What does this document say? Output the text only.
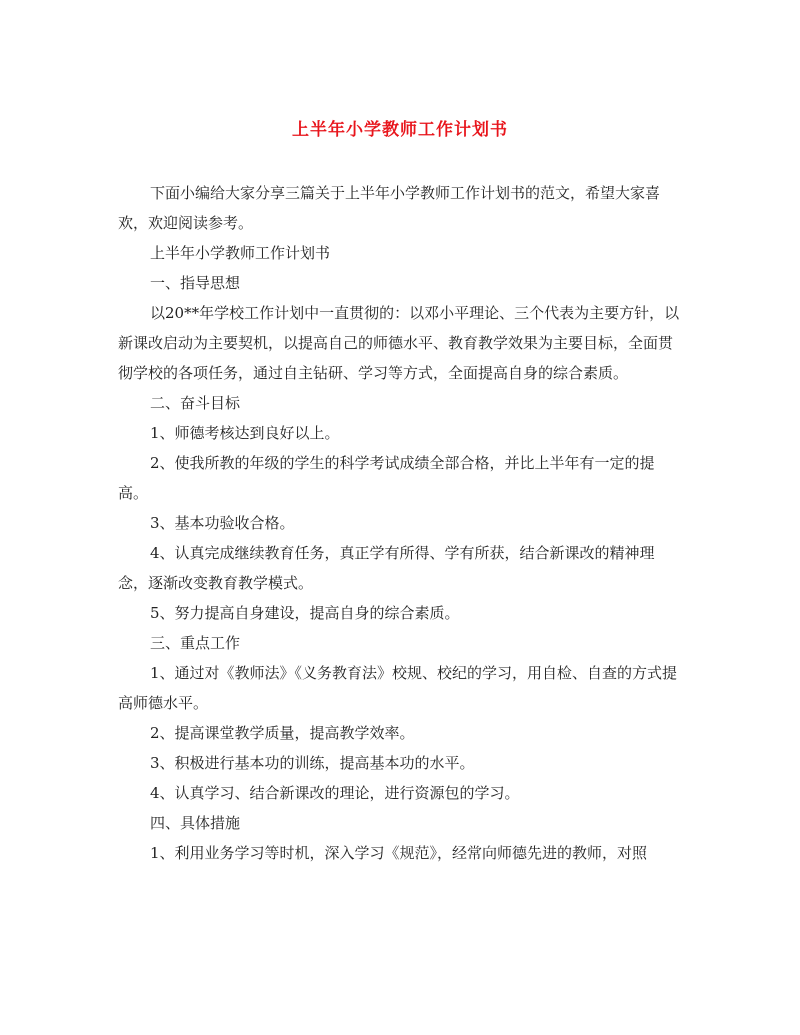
上半年小学教师工作计划书

下面小编给大家分享三篇关于上半年小学教师工作计划书的范文，希望大家喜欢，欢迎阅读参考。

上半年小学教师工作计划书

一、指导思想

以20**年学校工作计划中一直贯彻的：以邓小平理论、三个代表为主要方针，以新课改启动为主要契机，以提高自己的师德水平、教育教学效果为主要目标，全面贯彻学校的各项任务，通过自主钻研、学习等方式，全面提高自身的综合素质。

二、奋斗目标

1、师德考核达到良好以上。

2、使我所教的年级的学生的科学考试成绩全部合格，并比上半年有一定的提高。

3、基本功验收合格。

4、认真完成继续教育任务，真正学有所得、学有所获，结合新课改的精神理念，逐渐改变教育教学模式。

5、努力提高自身建设，提高自身的综合素质。

三、重点工作

1、通过对《教师法》《义务教育法》校规、校纪的学习，用自检、自查的方式提高师德水平。

2、提高课堂教学质量，提高教学效率。

3、积极进行基本功的训练，提高基本功的水平。

4、认真学习、结合新课改的理论，进行资源包的学习。

四、具体措施

1、利用业务学习等时机，深入学习《规范》，经常向师德先进的教师，对照
